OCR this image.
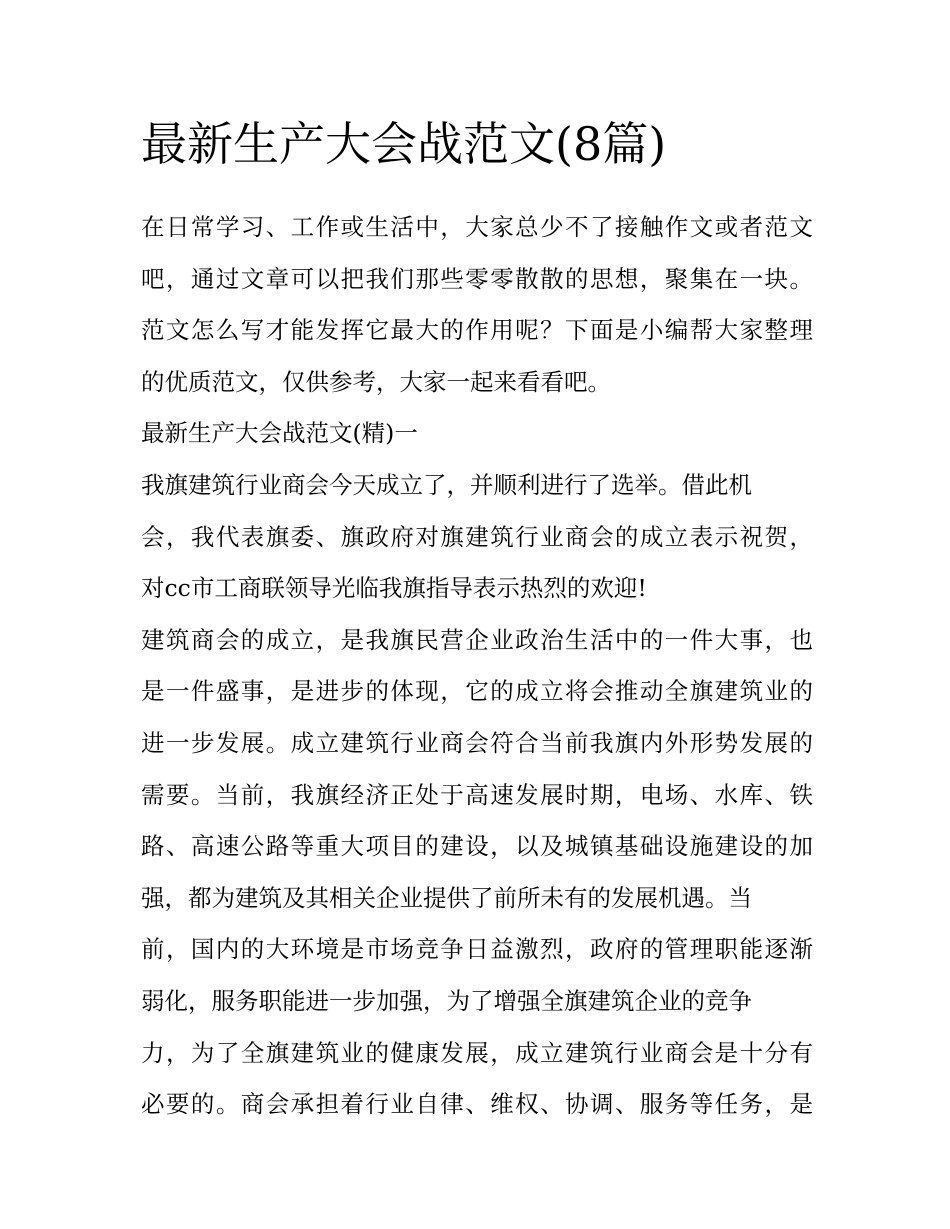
最新生产大会战范文(8篇)
在日常学习、工作或生活中，大家总少不了接触作文或者范文
吧，通过文章可以把我们那些零零散散的思想，聚集在一块。
范文怎么写才能发挥它最大的作用呢？下面是小编帮大家整理
的优质范文，仅供参考，大家一起来看看吧。
最新生产大会战范文(精)一
我旗建筑行业商会今天成立了，并顺利进行了选举。借此机
会，我代表旗委、旗政府对旗建筑行业商会的成立表示祝贺，
对cc市工商联领导光临我旗指导表示热烈的欢迎!
建筑商会的成立，是我旗民营企业政治生活中的一件大事，也
是一件盛事，是进步的体现，它的成立将会推动全旗建筑业的
进一步发展。成立建筑行业商会符合当前我旗内外形势发展的
需要。当前，我旗经济正处于高速发展时期，电场、水库、铁
路、高速公路等重大项目的建设，以及城镇基础设施建设的加
强，都为建筑及其相关企业提供了前所未有的发展机遇。当
前，国内的大环境是市场竞争日益激烈，政府的管理职能逐渐
弱化，服务职能进一步加强，为了增强全旗建筑企业的竞争
力，为了全旗建筑业的健康发展，成立建筑行业商会是十分有
必要的。商会承担着行业自律、维权、协调、服务等任务，是
